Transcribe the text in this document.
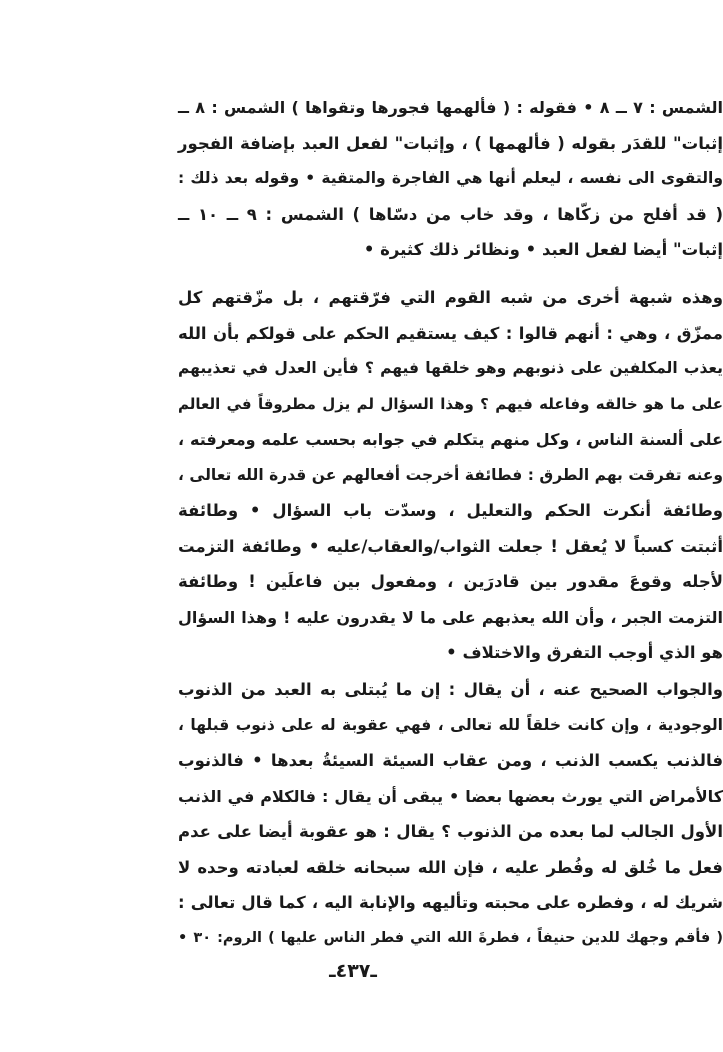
الشمس : ٧ ــ ٨ • فقوله : ( فألهمها فجورها وتقواها ) الشمس : ٨ ــ
إثبات" للقدَر بقوله ( فألهمها ) ، وإثبات" لفعل العبد بإضافة الفجور
والتقوى الى نفسه ، ليعلم أنها هي الفاجرة والمتقية • وقوله بعد ذلك :
( قد أفلح من زكّاها ، وقد خاب من دسّاها ) الشمس : ٩ ــ ١٠ ــ
إثبات" أيضا لفعل العبد • ونظائر ذلك كثيرة •
وهذه شبهة أخرى من شبه القوم التي فرّقتهم ، بل مزّقتهم كل
ممزّق ، وهي : أنهم قالوا : كيف يستقيم الحكم على قولكم بأن الله
يعذب المكلفين على ذنوبهم وهو خلقها فيهم ؟ فأين العدل في تعذيبهم
على ما هو خالقه وفاعله فيهم ؟ وهذا السؤال لم يزل مطروقاً في العالم
على ألسنة الناس ، وكل منهم يتكلم في جوابه بحسب علمه ومعرفته ،
وعنه تفرقت بهم الطرق : فطائفة أخرجت أفعالهم عن قدرة الله تعالى ،
وطائفة أنكرت الحكم والتعليل ، وسدّت باب السؤال • وطائفة
أثبتت كسباً لا يُعقل ! جعلت الثواب/والعقاب/عليه • وطائفة التزمت
لأجله وقوعَ مقدور بين قادرَين ، ومفعول بين فاعلَين ! وطائفة
التزمت الجبر ، وأن الله يعذبهم على ما لا يقدرون عليه ! وهذا السؤال
هو الذي أوجب التفرق والاختلاف •
والجواب الصحيح عنه ، أن يقال : إن ما يُبتلى به العبد من الذنوب
الوجودية ، وإن كانت خلقاً لله تعالى ، فهي عقوبة له على ذنوب قبلها ،
فالذنب يكسب الذنب ، ومن عقاب السيئة السيئةُ بعدها • فالذنوب
كالأمراض التي يورث بعضها بعضا • يبقى أن يقال : فالكلام في الذنب
الأول الجالب لما بعده من الذنوب ؟ يقال : هو عقوبة أيضا على عدم
فعل ما خُلق له وفُطر عليه ، فإن الله سبحانه خلقه لعبادته وحده لا
شريك له ، وفطره على محبته وتأليهه والإنابة اليه ، كما قال تعالى :
( فأقم وجهك للدين حنيفاً ، فطرةَ الله التي فطر الناس عليها ) الروم: ٣٠ •
ـ٤٣٧ـ
